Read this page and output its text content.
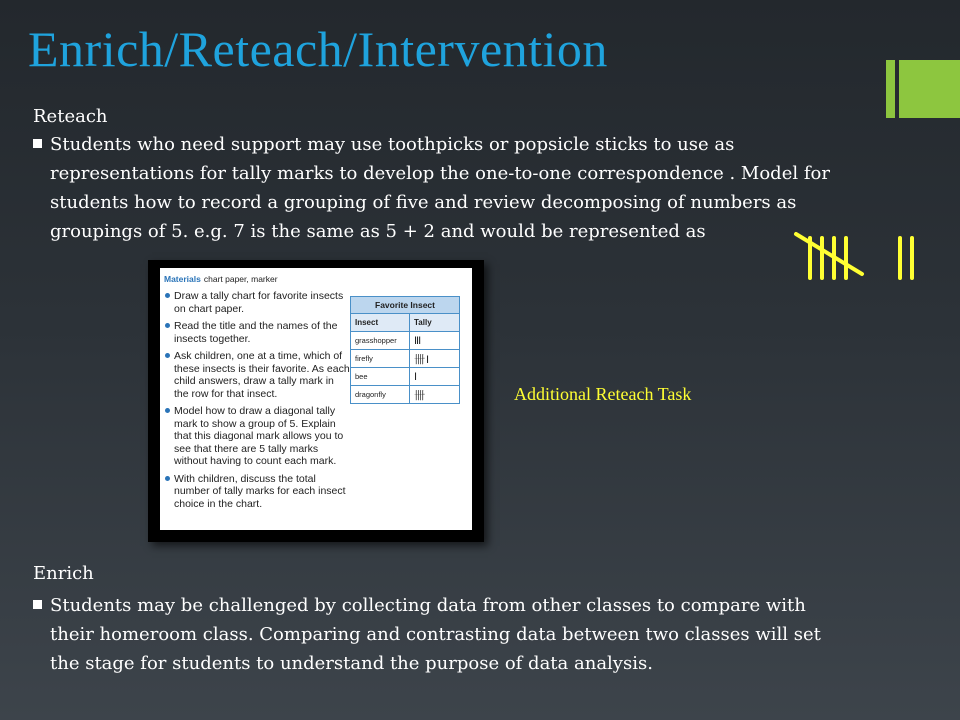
Enrich/Reteach/Intervention
Reteach
Students who need support may use toothpicks or popsicle sticks to use as
representations for tally marks to develop the one-to-one correspondence . Model for
students how to record a grouping of five and review decomposing of numbers as
groupings of 5. e.g. 7 is the same as 5 + 2 and would be represented as
Materials chart paper, marker
Draw a tally chart for favorite insects on chart paper.
Read the title and the names of the insects together.
Ask children, one at a time, which of these insects is their favorite. As each child answers, draw a tally mark in the row for that insect.
Model how to draw a diagonal tally mark to show a group of 5. Explain that this diagonal mark allows you to see that there are 5 tally marks without having to count each mark.
With children, discuss the total number of tally marks for each insect choice in the chart.
Favorite Insect
Insect	Tally
grasshopper	III
firefly	卌 I
bee	I
dragonfly	卌	Additional Reteach Task
Enrich
Students may be challenged by collecting data from other classes to compare with
their homeroom class. Comparing and contrasting data between two classes will set
the stage for students to understand the purpose of data analysis.
